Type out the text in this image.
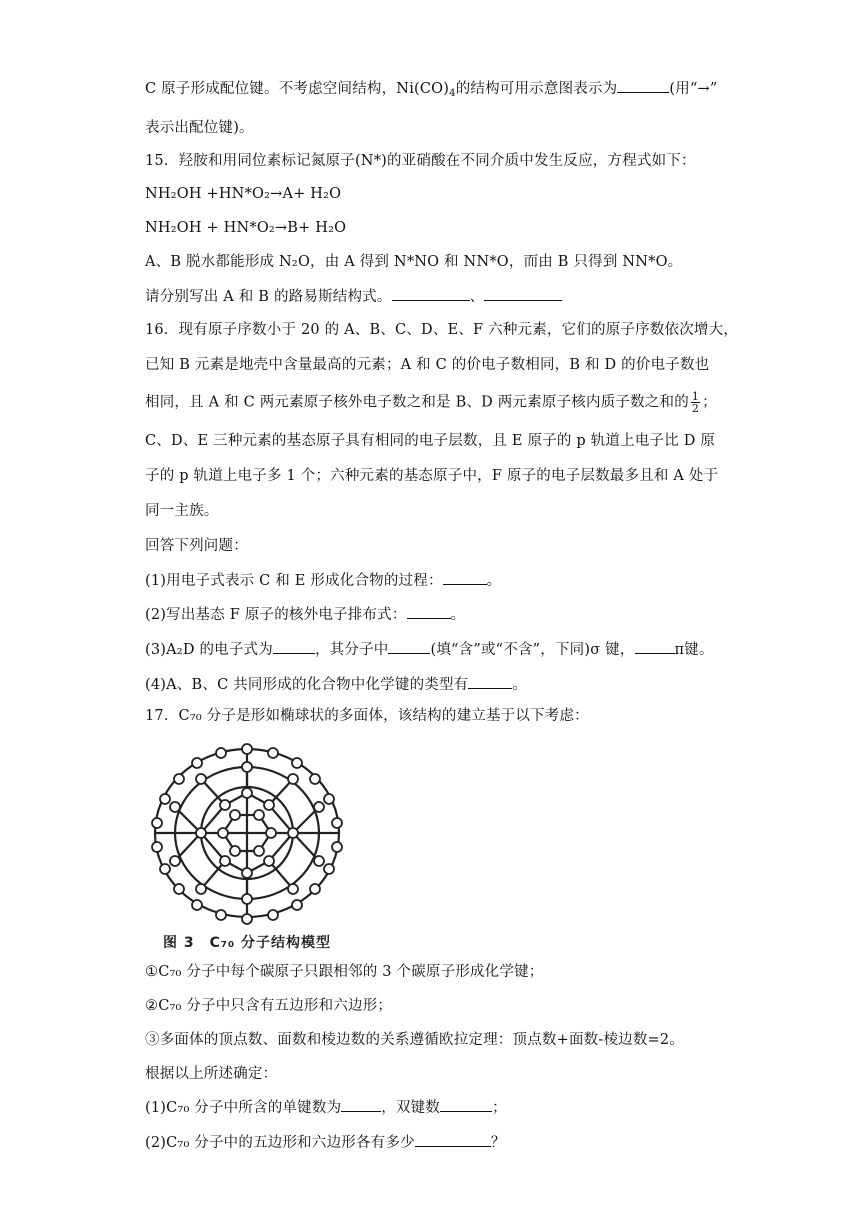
C 原子形成配位键。不考虑空间结构，$Ni(CO)_4$的结构可用示意图表示为	(用“→”
表示出配位键)。
15．羟胺和用同位素标记氮原子(N*)的亚硝酸在不同介质中发生反应，方程式如下：
NH₂OH +HN*O₂→A+ H₂O
NH₂OH + HN*O₂→B+ H₂O
A、B 脱水都能形成 N₂O，由 A 得到 N*NO 和 NN*O，而由 B 只得到 NN*O。
请分别写出 A 和 B 的路易斯结构式。	、
16．现有原子序数小于 20 的 A、B、C、D、E、F 六种元素，它们的原子序数依次增大，
已知 B 元素是地壳中含量最高的元素；A 和 C 的价电子数相同，B 和 D 的价电子数也
相同，且 A 和 C 两元素原子核外电子数之和是 B、D 两元素原子核内质子数之和的 $\frac{1}{2}$ ；
C、D、E 三种元素的基态原子具有相同的电子层数，且 E 原子的 p 轨道上电子比 D 原
子的 p 轨道上电子多 1 个；六种元素的基态原子中，F 原子的电子层数最多且和 A 处于
同一主族。
回答下列问题：
(1)用电子式表示 C 和 E 形成化合物的过程：	。
(2)写出基态 F 原子的核外电子排布式：	。
(3)A₂D 的电子式为	，其分子中	(填“含”或“不含”，下同)σ 键，	π键。
(4)A、B、C 共同形成的化合物中化学键的类型有	。
17．C₇₀ 分子是形如椭球状的多面体，该结构的建立基于以下考虑：
图 3　C₇₀ 分子结构模型
①C₇₀ 分子中每个碳原子只跟相邻的 3 个碳原子形成化学键；
②C₇₀ 分子中只含有五边形和六边形；
③多面体的顶点数、面数和棱边数的关系遵循欧拉定理：顶点数+面数-棱边数=2。
根据以上所述确定：
(1)C₇₀ 分子中所含的单键数为	，双键数	；
(2)C₇₀ 分子中的五边形和六边形各有多少	？
